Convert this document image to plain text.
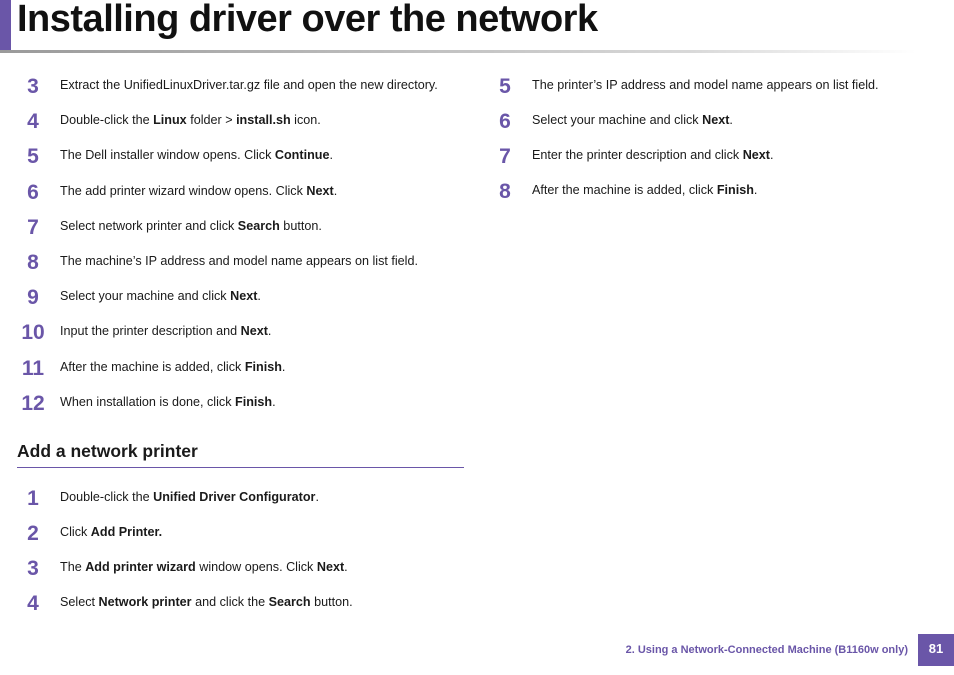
Installing driver over the network
3	Extract the UnifiedLinuxDriver.tar.gz file and open the new directory.
4	Double-click the Linux folder > install.sh icon.
5	The Dell installer window opens. Click Continue.
6	The add printer wizard window opens. Click Next.
7	Select network printer and click Search button.
8	The machine’s IP address and model name appears on list field.
9	Select your machine and click Next.
10 Input the printer description and Next.
11	After the machine is added, click Finish.
12 When installation is done, click Finish.
Add a network printer
1	Double-click the Unified Driver Configurator.
2	Click Add Printer.
3	The Add printer wizard window opens. Click Next.
4	Select Network printer and click the Search button.
5	The printer’s IP address and model name appears on list field.
6	Select your machine and click Next.
7	Enter the printer description and click Next.
8	After the machine is added, click Finish.
2. Using a Network-Connected Machine (B1160w only)	81
